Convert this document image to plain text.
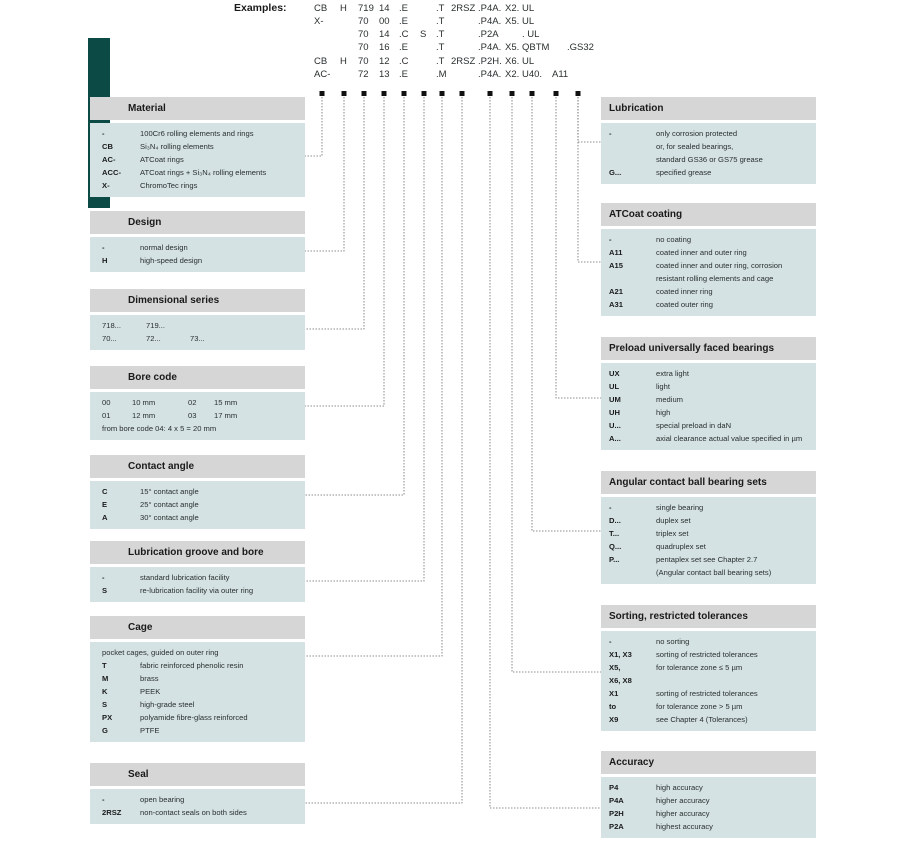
Examples:	CB H 719 14 .E	.T 2RSZ .P4A. X2. UL
X-	70 00 .E	.T	.P4A. X5. UL
70 14 .C S .T	.P2A . UL
70 16 .E	.T	.P4A. X5. QBTM .GS32
CB H 70 12 .C	.T 2RSZ .P2H. X6. UL
AC-	72 13 .E	.M	.P4A. X2. U40. A11
Material
-	100Cr6 rolling elements and rings
CB	Si₃N₄ rolling elements
AC-	ATCoat rings
ACC-	ATCoat rings + Si₃N₄ rolling elements
X-	ChromoTec rings
Design
-	normal design
H	high-speed design
Dimensional series
718...	719...
70...	72...	73...
Bore code
00	10 mm	02	15 mm
01	12 mm	03	17 mm
from bore code 04: 4 x 5 = 20 mm
Contact angle
C	15° contact angle
E	25° contact angle
A	30° contact angle
Lubrication groove and bore
-	standard lubrication facility
S	re-lubrication facility via outer ring
Cage
pocket cages, guided on outer ring
T	fabric reinforced phenolic resin
M	brass
K	PEEK
S	high-grade steel
PX	polyamide fibre-glass reinforced
G	PTFE
Seal
-	open bearing
2RSZ	non-contact seals on both sides
Lubrication
-	only corrosion protected
or, for sealed bearings,
standard GS36 or GS75 grease
G...	specified grease
ATCoat coating
-	no coating
A11	coated inner and outer ring
A15	coated inner and outer ring, corrosion
resistant rolling elements and cage
A21	coated inner ring
A31	coated outer ring
Preload universally faced bearings
UX	extra light
UL	light
UM	medium
UH	high
U...	special preload in daN
A...	axial clearance actual value specified in µm
Angular contact ball bearing sets
-	single bearing
D...	duplex set
T...	triplex set
Q...	quadruplex set
P...	pentaplex set see Chapter 2.7
(Angular contact ball bearing sets)
Sorting, restricted tolerances
-	no sorting
X1, X3	sorting of restricted tolerances
X5,	for tolerance zone ≤ 5 µm
X6, X8
X1	sorting of restricted tolerances
to	for tolerance zone > 5 µm
X9	see Chapter 4 (Tolerances)
Accuracy
P4	high accuracy
P4A	higher accuracy
P2H	higher accuracy
P2A	highest accuracy
